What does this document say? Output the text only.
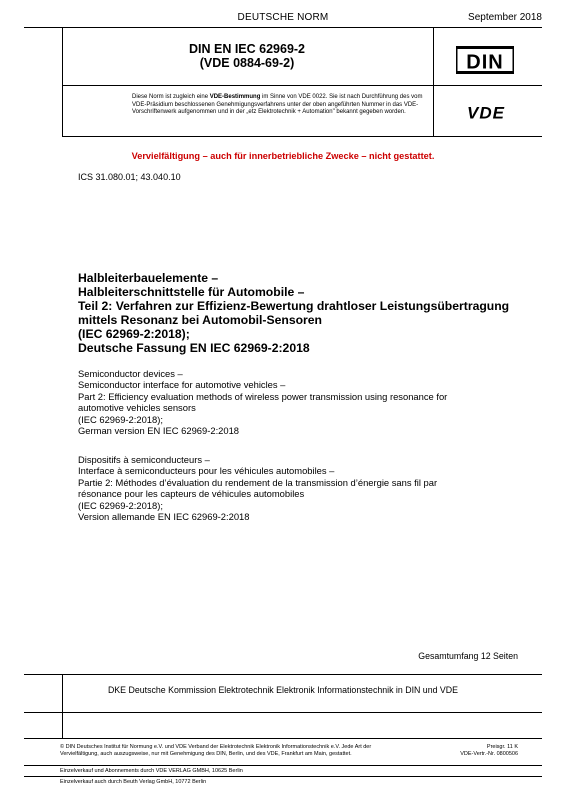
DEUTSCHE NORM	September 2018
DIN EN IEC 62969-2
(VDE 0884-69-2)	DIN
Diese Norm ist zugleich eine VDE-Bestimmung im Sinne von VDE 0022. Sie ist nach Durchführung des vom VDE-Präsidium beschlossenen Genehmigungsverfahrens unter der oben angeführten Nummer in das VDE-Vorschriftenwerk aufgenommen und in der „etz Elektrotechnik + Automation" bekannt gegeben worden.	VDE
Vervielfältigung – auch für innerbetriebliche Zwecke – nicht gestattet.
ICS 31.080.01; 43.040.10
Halbleiterbauelemente –
Halbleiterschnittstelle für Automobile –
Teil 2: Verfahren zur Effizienz-Bewertung drahtloser Leistungsübertragung
mittels Resonanz bei Automobil-Sensoren
(IEC 62969-2:2018);
Deutsche Fassung EN IEC 62969-2:2018
Semiconductor devices –
Semiconductor interface for automotive vehicles –
Part 2: Efficiency evaluation methods of wireless power transmission using resonance for
automotive vehicles sensors
(IEC 62969-2:2018);
German version EN IEC 62969-2:2018
Dispositifs à semiconducteurs –
Interface à semiconducteurs pour les véhicules automobiles –
Partie 2: Méthodes d’évaluation du rendement de la transmission d’énergie sans fil par
résonance pour les capteurs de véhicules automobiles
(IEC 62969-2:2018);
Version allemande EN IEC 62969-2:2018
Gesamtumfang 12 Seiten
DKE Deutsche Kommission Elektrotechnik Elektronik Informationstechnik in DIN und VDE
© DIN Deutsches Institut für Normung e.V. und VDE Verband der Elektrotechnik Elektronik Informationstechnik e.V. Jede Art der Vervielfältigung, auch auszugsweise, nur mit Genehmigung des DIN, Berlin, und des VDE, Frankfurt am Main, gestattet.
Preisgr. 11 K
VDE-Vertr.-Nr. 0800506
Einzelverkauf und Abonnements durch VDE VERLAG GMBH, 10625 Berlin
Einzelverkauf auch durch Beuth Verlag GmbH, 10772 Berlin
